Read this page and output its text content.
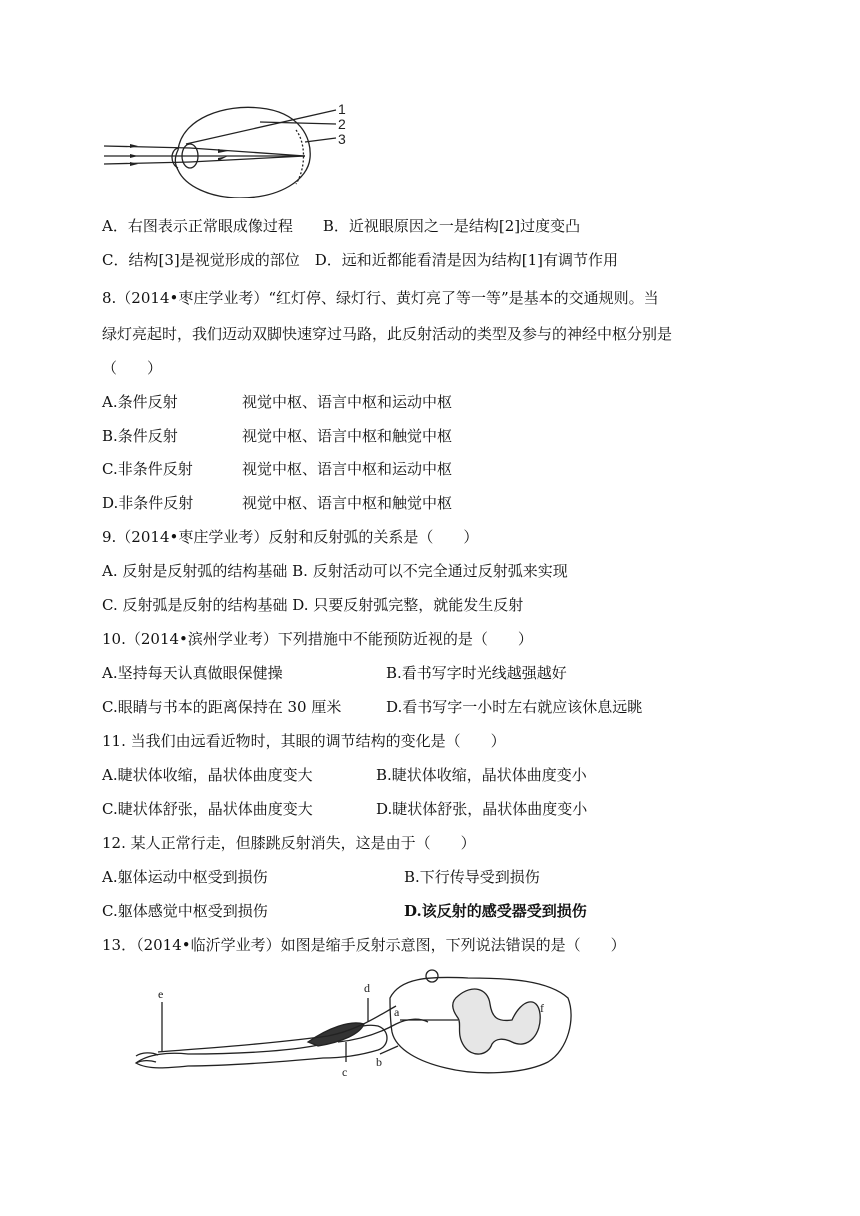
1
2
3
A．右图表示正常眼成像过程　　 B．近视眼原因之一是结构[2]过度变凸
C．结构[3]是视觉形成的部位　 D．远和近都能看清是因为结构[1]有调节作用
8.（2014•枣庄学业考）“红灯停、绿灯行、黄灯亮了等一等”是基本的交通规则。当
绿灯亮起时，我们迈动双脚快速穿过马路，此反射活动的类型及参与的神经中枢分别是
（　　）
A.条件反射	视觉中枢、语言中枢和运动中枢
B.条件反射	视觉中枢、语言中枢和触觉中枢
C.非条件反射	视觉中枢、语言中枢和运动中枢
D.非条件反射	视觉中枢、语言中枢和触觉中枢
9.（2014•枣庄学业考）反射和反射弧的关系是（　　）
A. 反射是反射弧的结构基础 B. 反射活动可以不完全通过反射弧来实现
C. 反射弧是反射的结构基础 D. 只要反射弧完整，就能发生反射
10.（2014•滨州学业考）下列措施中不能预防近视的是（　　）
A.坚持每天认真做眼保健操	B.看书写字时光线越强越好
C.眼睛与书本的距离保持在 30 厘米	D.看书写字一小时左右就应该休息远眺
11. 当我们由远看近物时，其眼的调节结构的变化是（　　）
A.睫状体收缩，晶状体曲度变大	B.睫状体收缩，晶状体曲度变小
C.睫状体舒张，晶状体曲度变大	D.睫状体舒张，晶状体曲度变小
12. 某人正常行走，但膝跳反射消失，这是由于（　　）
A.躯体运动中枢受到损伤	B.下行传导受到损伤
C.躯体感觉中枢受到损伤	D.该反射的感受器受到损伤
13．（2014•临沂学业考）如图是缩手反射示意图，下列说法错误的是（　　）
e	d
c
b
a	f
